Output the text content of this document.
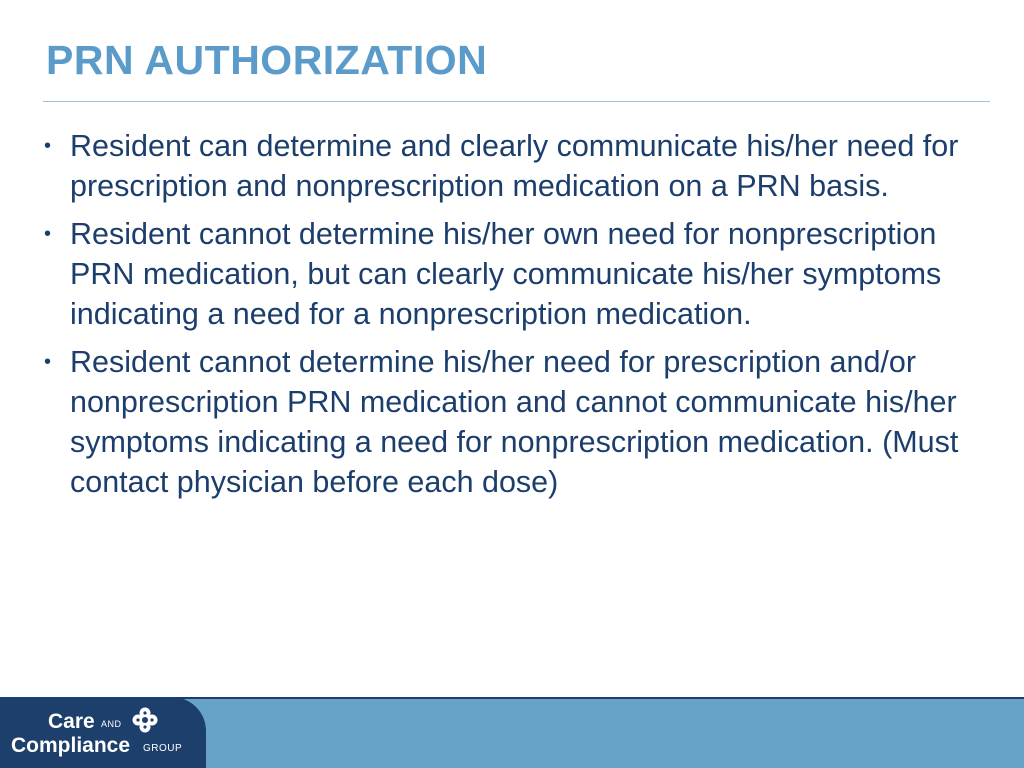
PRN AUTHORIZATION
• Resident can determine and clearly communicate his/her need for prescription and nonprescription medication on a PRN basis.
• Resident cannot determine his/her own need for nonprescription PRN medication, but can clearly communicate his/her symptoms indicating a need for a nonprescription medication.
• Resident cannot determine his/her need for prescription and/or nonprescription PRN medication and cannot communicate his/her symptoms indicating a need for nonprescription medication. (Must contact physician before each dose)
Care AND
Compliance GROUP
